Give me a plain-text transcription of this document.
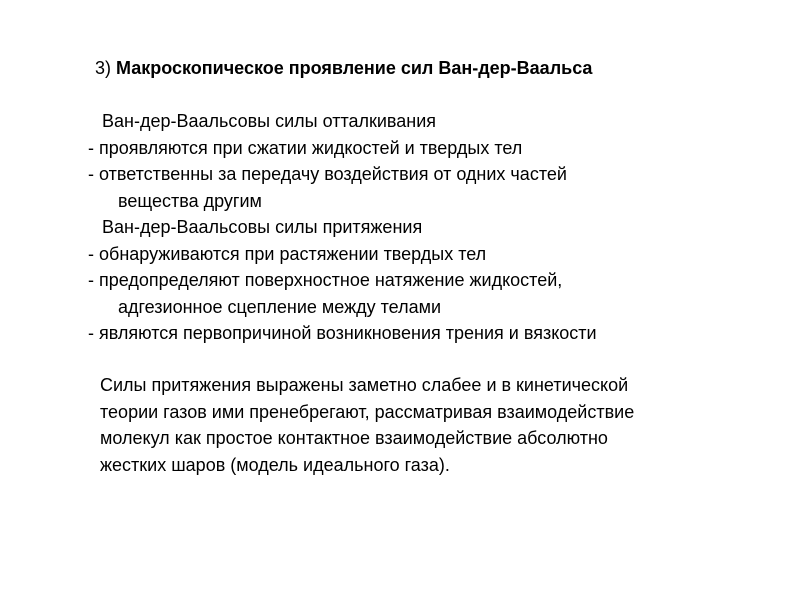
3) Макроскопическое проявление сил Ван-дер-Ваальса
Ван-дер-Ваальсовы силы отталкивания
- проявляются при сжатии жидкостей и твердых тел
- ответственны за передачу воздействия от одних частей
вещества другим
Ван-дер-Ваальсовы силы притяжения
- обнаруживаются при растяжении твердых тел
- предопределяют поверхностное натяжение жидкостей,
адгезионное сцепление между телами
- являются первопричиной возникновения трения и вязкости
Силы притяжения выражены заметно слабее и в кинетической
теории газов ими пренебрегают, рассматривая взаимодействие
молекул как простое контактное взаимодействие абсолютно
жестких шаров (модель идеального газа).
